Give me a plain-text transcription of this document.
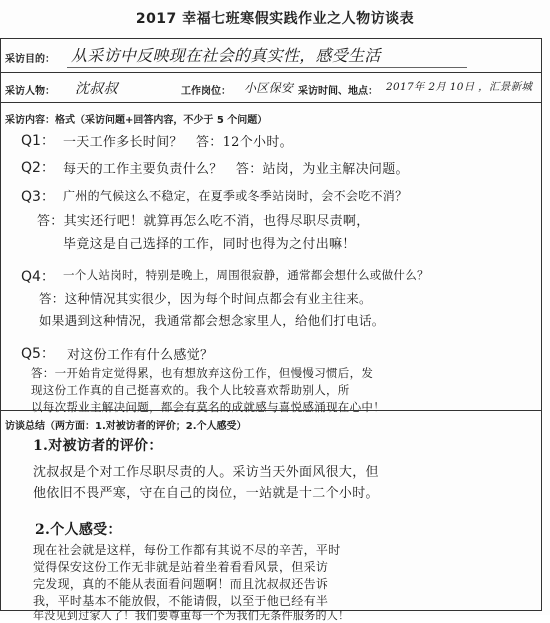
2017 幸福七班寒假实践作业之人物访谈表
采访目的： 从采访中反映现在社会的真实性，感受生活
采访人物： 沈叔叔	工作岗位： 小区保安 采访时间、地点： 2017年 2月 10日 ，汇景新城
采访内容：格式（采访问题+回答内容，不少于 5 个问题）
Q1： 一天工作多长时间？　答：12个小时。
Q2： 每天的工作主要负责什么？　答：站岗，为业主解决问题。
Q3： 广州的气候这么不稳定，在夏季或冬季站岗时，会不会吃不消？
答：其实还行吧！就算再怎么吃不消，也得尽职尽责啊，
毕竟这是自己选择的工作，同时也得为之付出嘛！
Q4： 一个人站岗时，特别是晚上，周围很寂静，通常都会想什么或做什么？
答：这种情况其实很少，因为每个时间点都会有业主往来。
如果遇到这种情况，我通常都会想念家里人，给他们打电话。
Q5： 对这份工作有什么感觉？
答：一开始肯定觉得累，也有想放弃这份工作，但慢慢习惯后，发
现这份工作真的自己挺喜欢的。我个人比较喜欢帮助别人，所
以每次帮业主解决问题，都会有莫名的成就感与喜悦感涌现在心中！
访谈总结（两方面：1.对被访者的评价；2.个人感受）
1.对被访者的评价：
沈叔叔是个对工作尽职尽责的人。采访当天外面风很大，但
他依旧不畏严寒，守在自己的岗位，一站就是十二个小时。
2.个人感受：
现在社会就是这样，每份工作都有其说不尽的辛苦，平时
觉得保安这份工作无非就是站着坐着看看风景，但采访
完发现，真的不能从表面看问题啊！而且沈叔叔还告诉
我，平时基本不能放假，不能请假，以至于他已经有半
年没见到过家人了！我们要尊重每一个为我们无条件服务的人！
